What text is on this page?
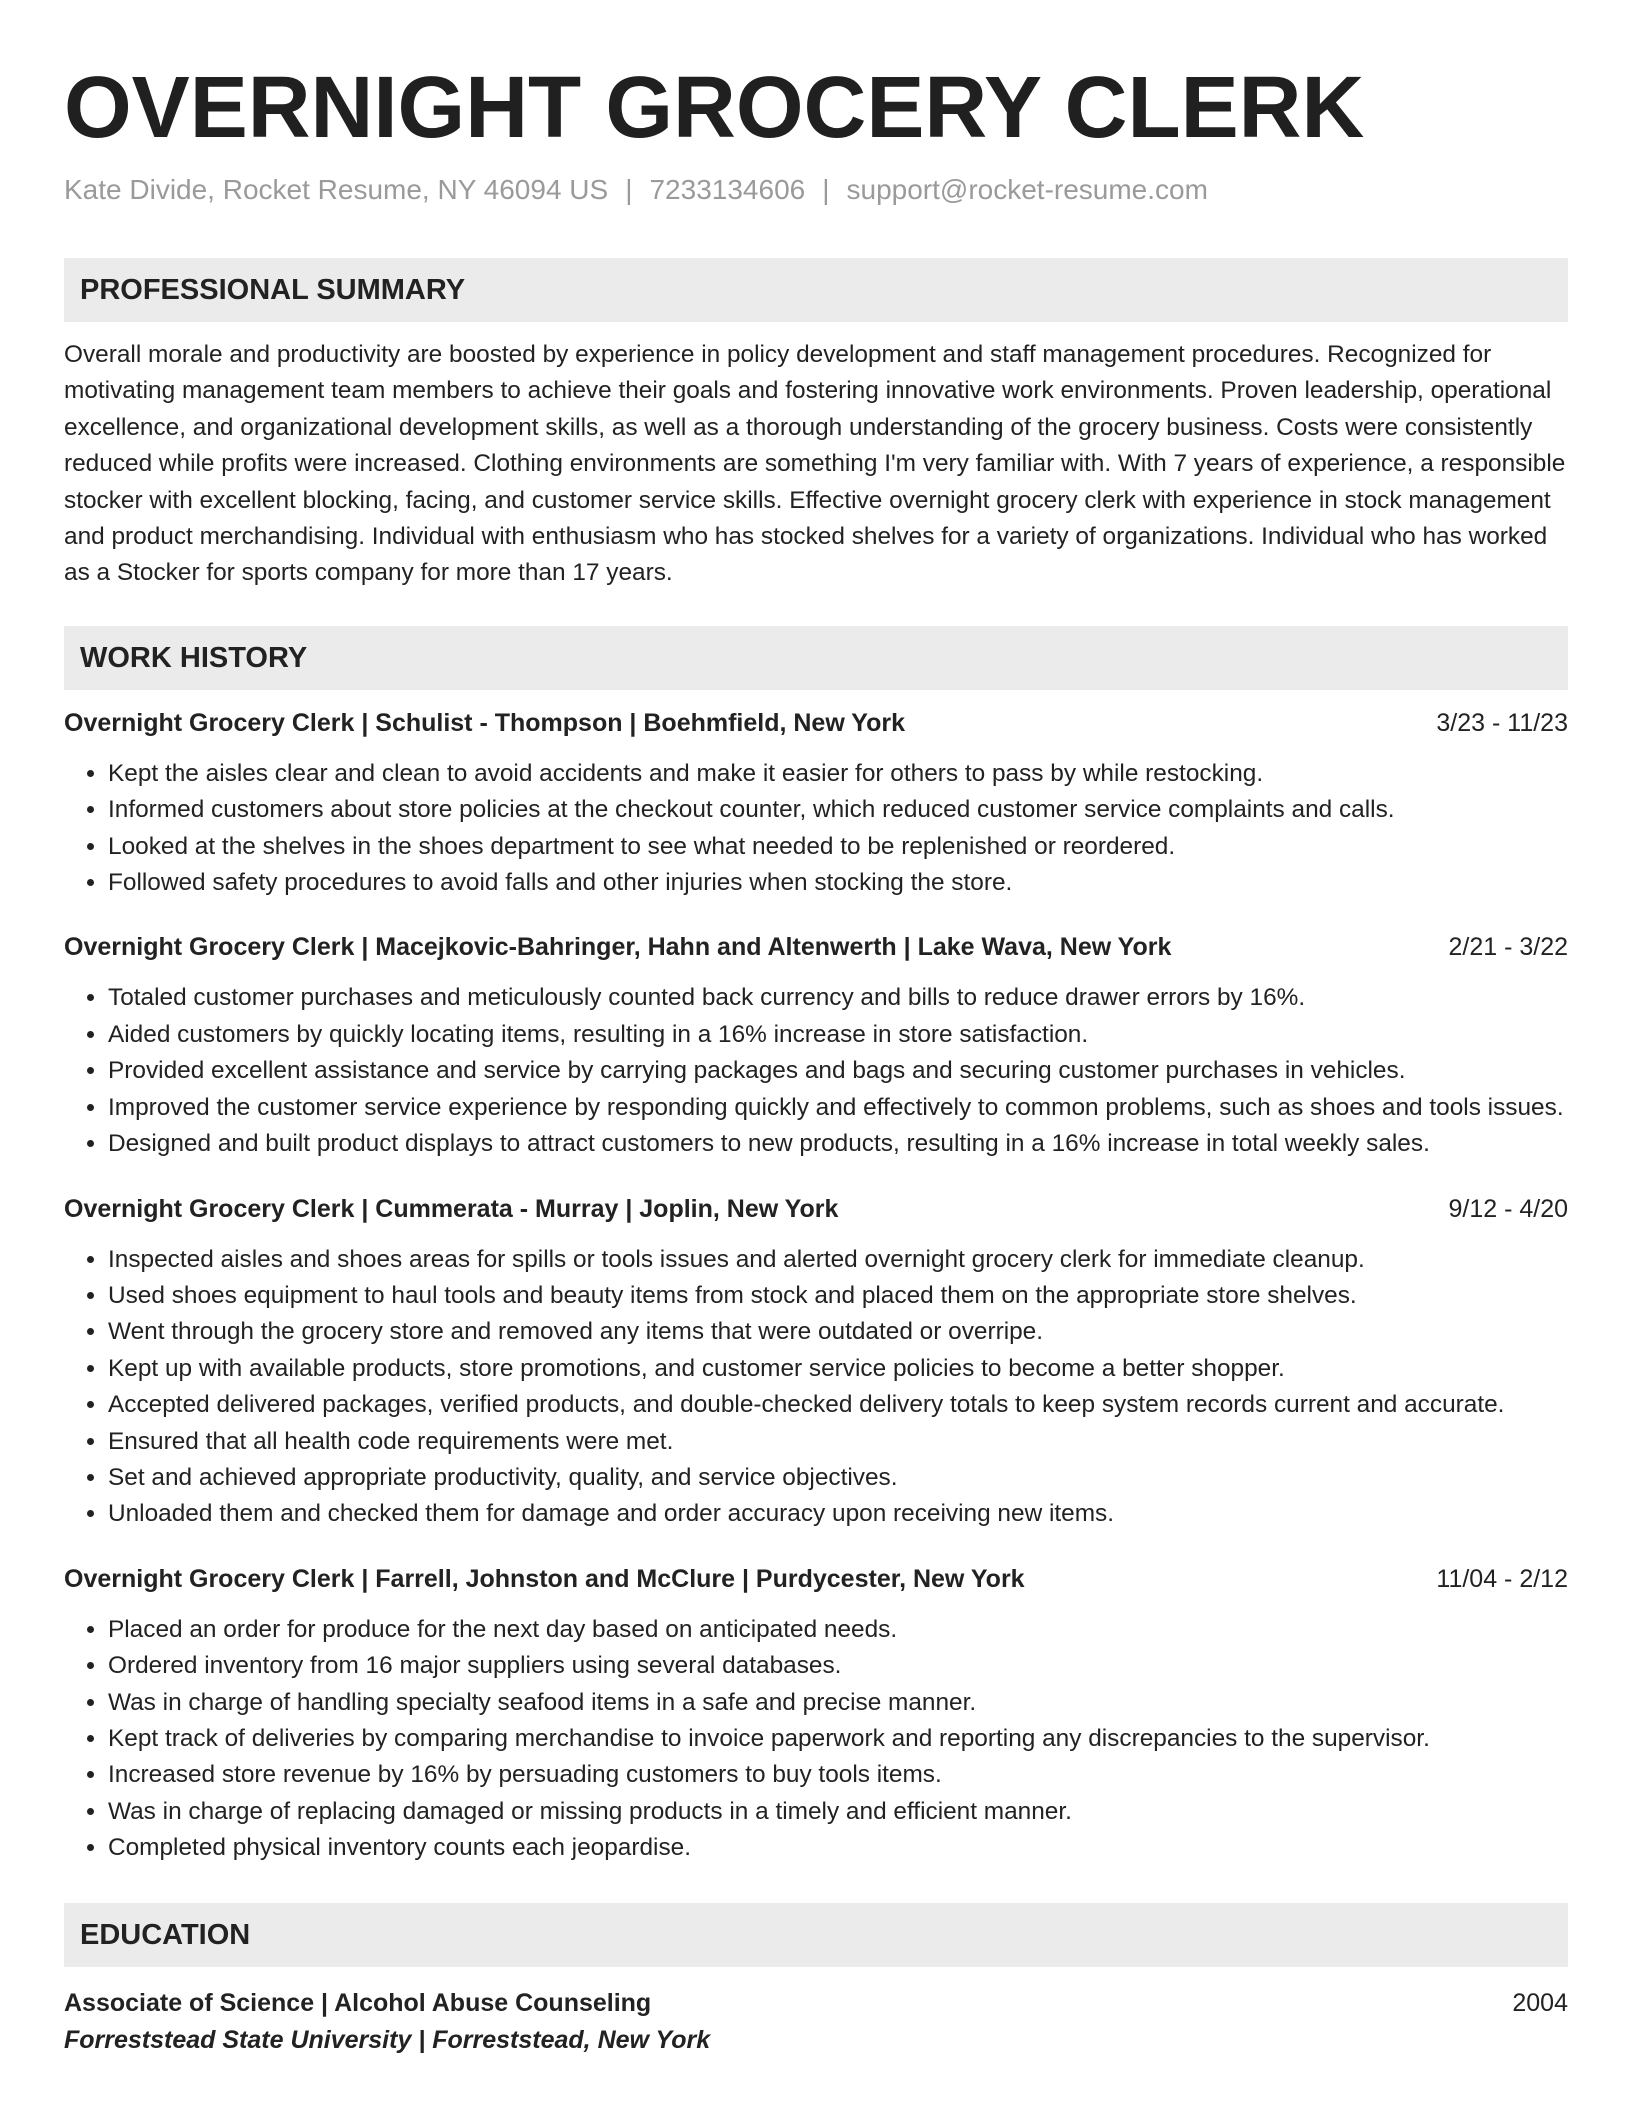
OVERNIGHT GROCERY CLERK
Kate Divide, Rocket Resume, NY 46094 US | 7233134606 | support@rocket-resume.com
PROFESSIONAL SUMMARY
Overall morale and productivity are boosted by experience in policy development and staff management procedures. Recognized for motivating management team members to achieve their goals and fostering innovative work environments. Proven leadership, operational excellence, and organizational development skills, as well as a thorough understanding of the grocery business. Costs were consistently reduced while profits were increased. Clothing environments are something I'm very familiar with. With 7 years of experience, a responsible stocker with excellent blocking, facing, and customer service skills. Effective overnight grocery clerk with experience in stock management and product merchandising. Individual with enthusiasm who has stocked shelves for a variety of organizations. Individual who has worked as a Stocker for sports company for more than 17 years.
WORK HISTORY
Overnight Grocery Clerk | Schulist - Thompson | Boehmfield, New York	3/23 - 11/23
• Kept the aisles clear and clean to avoid accidents and make it easier for others to pass by while restocking.
• Informed customers about store policies at the checkout counter, which reduced customer service complaints and calls.
• Looked at the shelves in the shoes department to see what needed to be replenished or reordered.
• Followed safety procedures to avoid falls and other injuries when stocking the store.
Overnight Grocery Clerk | Macejkovic-Bahringer, Hahn and Altenwerth | Lake Wava, New York	2/21 - 3/22
• Totaled customer purchases and meticulously counted back currency and bills to reduce drawer errors by 16%.
• Aided customers by quickly locating items, resulting in a 16% increase in store satisfaction.
• Provided excellent assistance and service by carrying packages and bags and securing customer purchases in vehicles.
• Improved the customer service experience by responding quickly and effectively to common problems, such as shoes and tools issues.
• Designed and built product displays to attract customers to new products, resulting in a 16% increase in total weekly sales.
Overnight Grocery Clerk | Cummerata - Murray | Joplin, New York	9/12 - 4/20
• Inspected aisles and shoes areas for spills or tools issues and alerted overnight grocery clerk for immediate cleanup.
• Used shoes equipment to haul tools and beauty items from stock and placed them on the appropriate store shelves.
• Went through the grocery store and removed any items that were outdated or overripe.
• Kept up with available products, store promotions, and customer service policies to become a better shopper.
• Accepted delivered packages, verified products, and double-checked delivery totals to keep system records current and accurate.
• Ensured that all health code requirements were met.
• Set and achieved appropriate productivity, quality, and service objectives.
• Unloaded them and checked them for damage and order accuracy upon receiving new items.
Overnight Grocery Clerk | Farrell, Johnston and McClure | Purdycester, New York	11/04 - 2/12
• Placed an order for produce for the next day based on anticipated needs.
• Ordered inventory from 16 major suppliers using several databases.
• Was in charge of handling specialty seafood items in a safe and precise manner.
• Kept track of deliveries by comparing merchandise to invoice paperwork and reporting any discrepancies to the supervisor.
• Increased store revenue by 16% by persuading customers to buy tools items.
• Was in charge of replacing damaged or missing products in a timely and efficient manner.
• Completed physical inventory counts each jeopardise.
EDUCATION
Associate of Science | Alcohol Abuse Counseling	2004
Forreststead State University | Forreststead, New York
